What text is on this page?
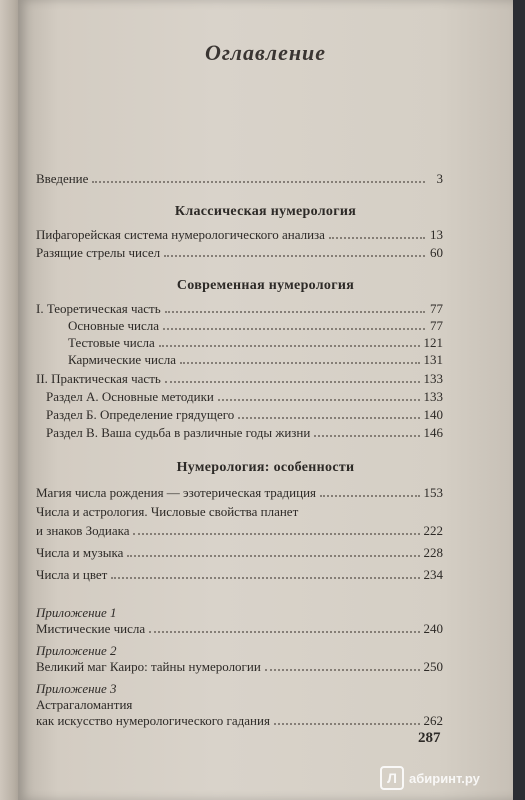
Оглавление
Введение	3
Классическая нумерология
Пифагорейская система нумерологического анализа	13
Разящие стрелы чисел	60
Современная нумерология
I. Теоретическая часть	77
Основные числа	77
Тестовые числа	121
Кармические числа	131
II. Практическая часть	133
Раздел А. Основные методики	133
Раздел Б. Определение грядущего	140
Раздел В. Ваша судьба в различные годы жизни	146
Нумерология: особенности
Магия числа рождения — эзотерическая традиция	153
Числа и астрология. Числовые свойства планет
и знаков Зодиака	222
Числа и музыка	228
Числа и цвет	234
Приложение 1
Мистические числа	240
Приложение 2
Великий маг Каиро: тайны нумерологии	250
Приложение 3
Астрагаломантия
как искусство нумерологического гадания	262
287
Л абиринт.ру
